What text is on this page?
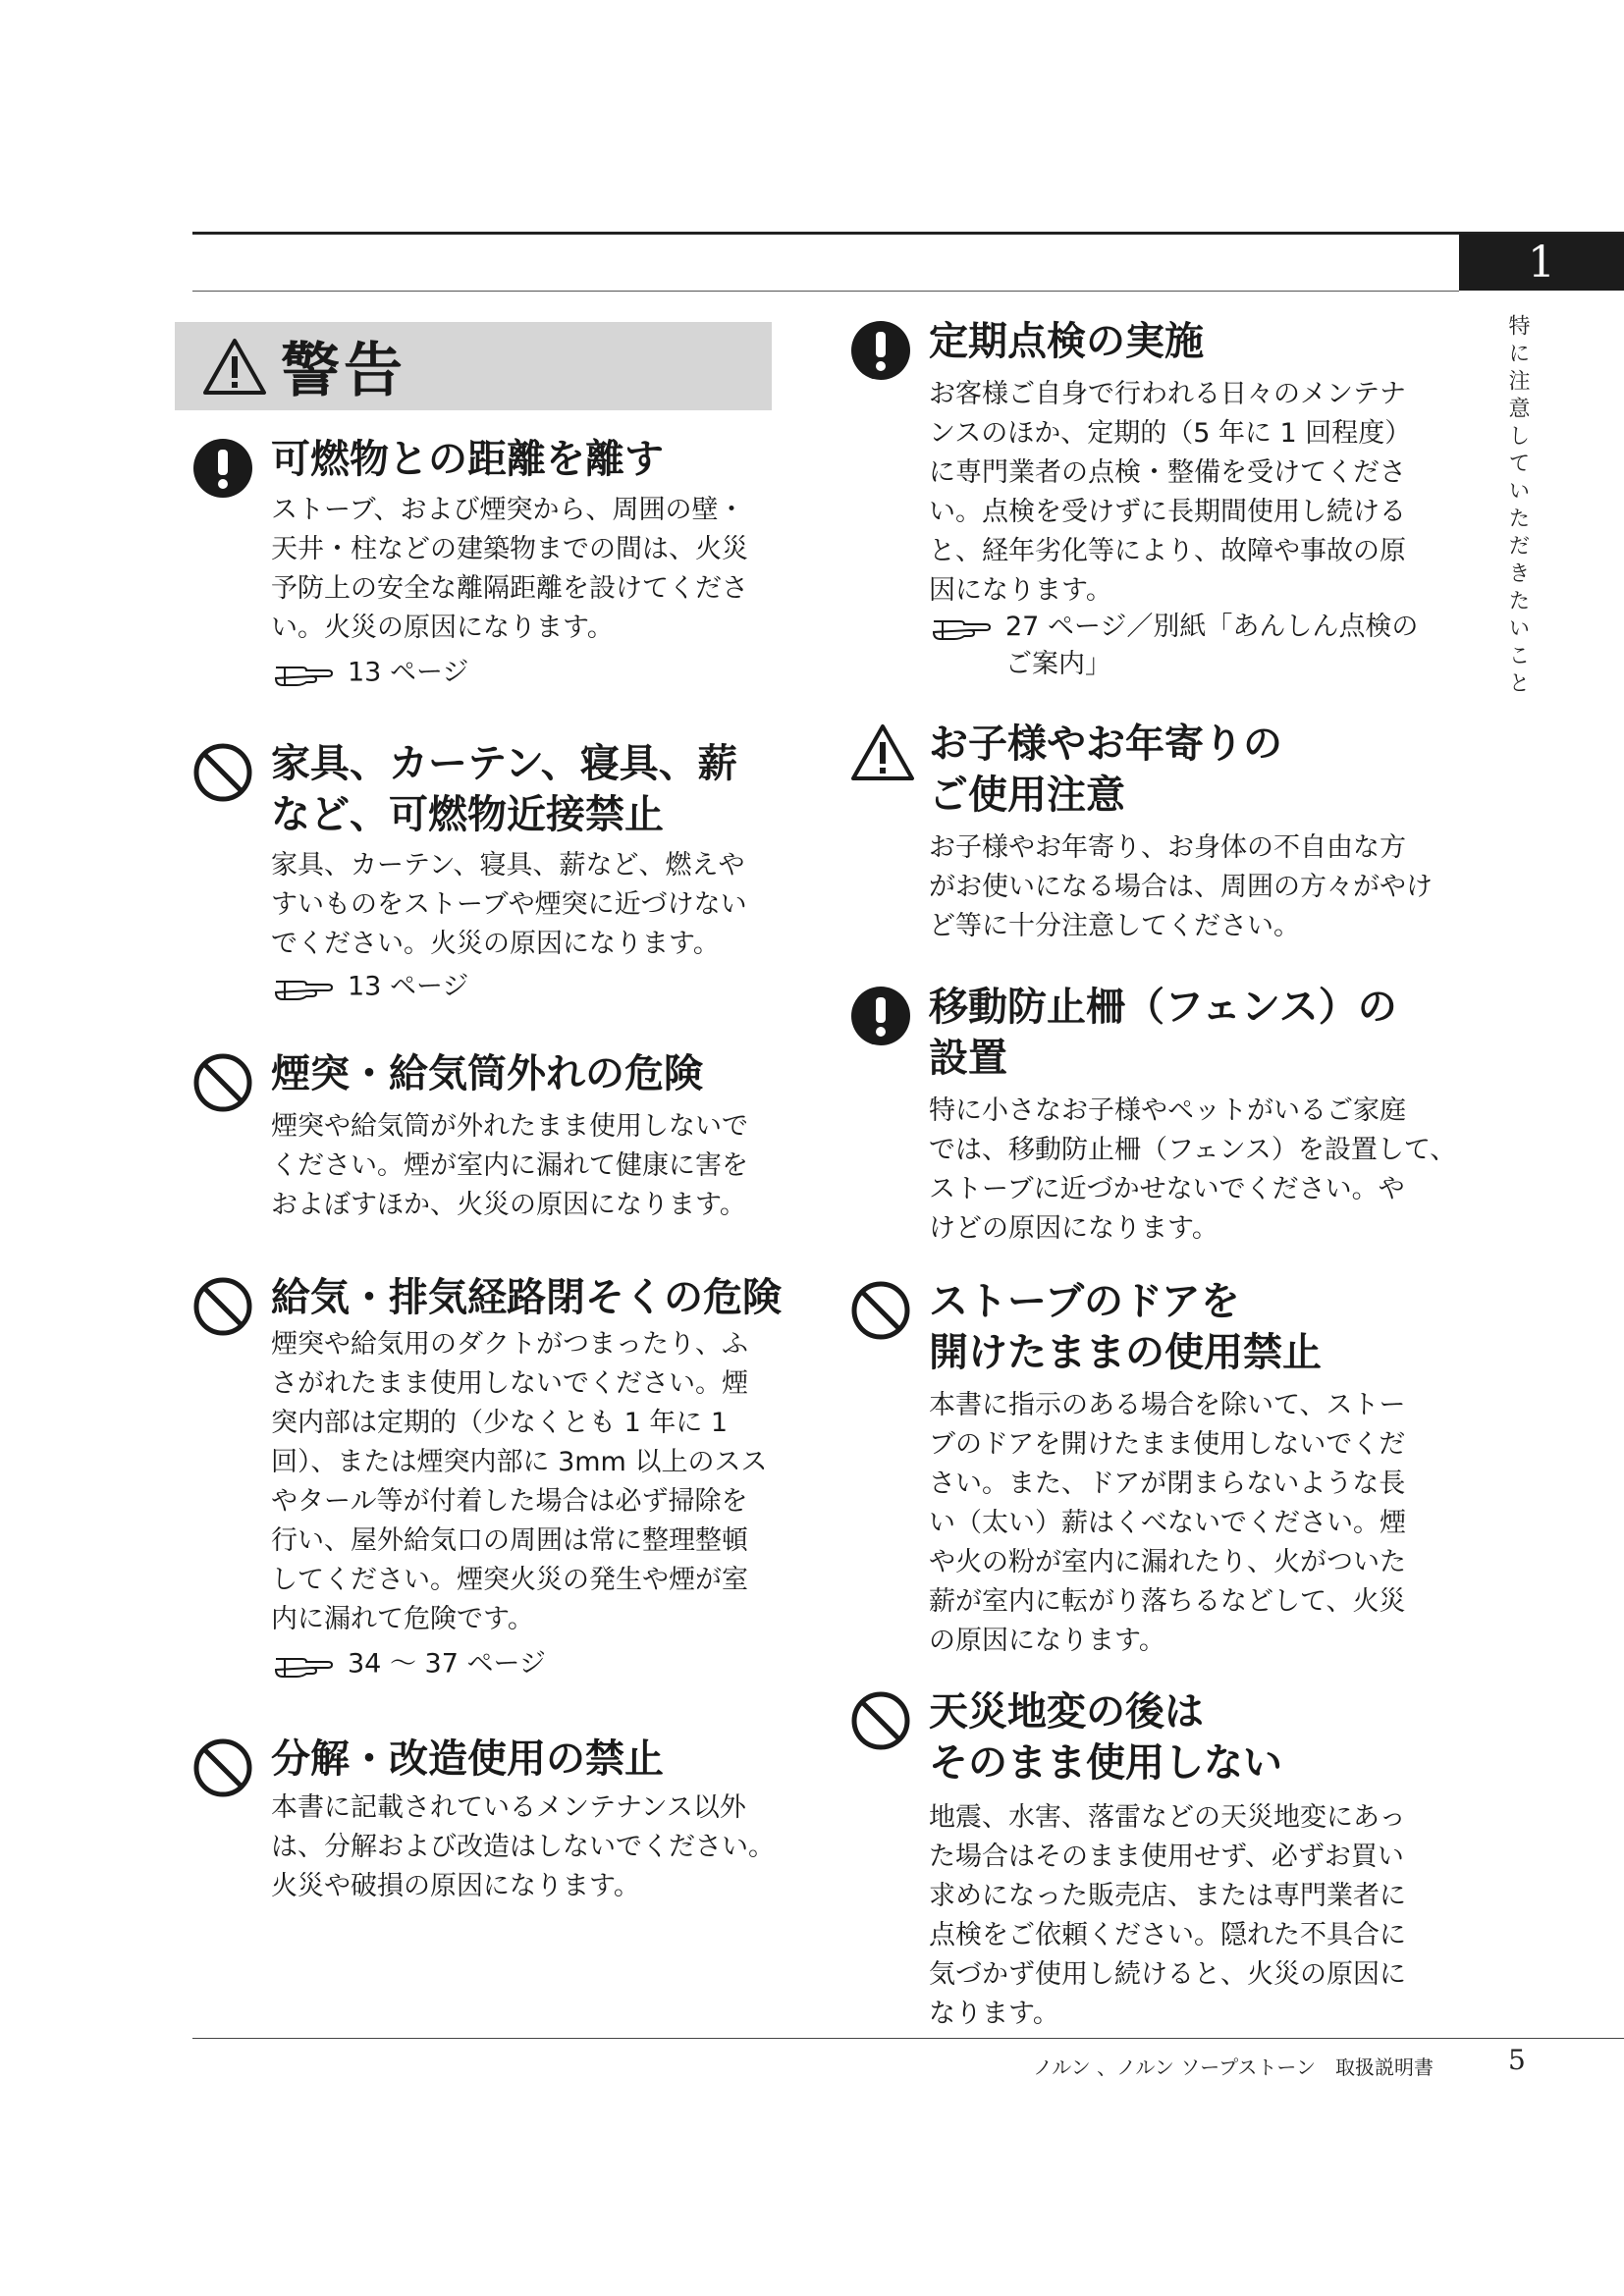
1
特に注意していただきたいこと
警告
可燃物との距離を離す
ストーブ、および煙突から、周囲の壁・
天井・柱などの建築物までの間は、火災
予防上の安全な離隔距離を設けてくださ
い。火災の原因になります。
13 ページ
家具、カーテン、寝具、薪
など、可燃物近接禁止
家具、カーテン、寝具、薪など、燃えや
すいものをストーブや煙突に近づけない
でください。火災の原因になります。
13 ページ
煙突・給気筒外れの危険
煙突や給気筒が外れたまま使用しないで
ください。煙が室内に漏れて健康に害を
およぼすほか、火災の原因になります。
給気・排気経路閉そくの危険
煙突や給気用のダクトがつまったり、ふ
さがれたまま使用しないでください。煙
突内部は定期的（少なくとも 1 年に 1
回）、または煙突内部に 3mm 以上のスス
やタール等が付着した場合は必ず掃除を
行い、屋外給気口の周囲は常に整理整頓
してください。煙突火災の発生や煙が室
内に漏れて危険です。
34 ～ 37 ページ
分解・改造使用の禁止
本書に記載されているメンテナンス以外
は、分解および改造はしないでください。
火災や破損の原因になります。
定期点検の実施
お客様ご自身で行われる日々のメンテナ
ンスのほか、定期的（5 年に 1 回程度）
に専門業者の点検・整備を受けてくださ
い。点検を受けずに長期間使用し続ける
と、経年劣化等により、故障や事故の原
因になります。
27 ページ／別紙「あんしん点検の
ご案内」
お子様やお年寄りの
ご使用注意
お子様やお年寄り、お身体の不自由な方
がお使いになる場合は、周囲の方々がやけ
ど等に十分注意してください。
移動防止柵（フェンス）の
設置
特に小さなお子様やペットがいるご家庭
では、移動防止柵（フェンス）を設置して、
ストーブに近づかせないでください。や
けどの原因になります。
ストーブのドアを
開けたままの使用禁止
本書に指示のある場合を除いて、ストー
ブのドアを開けたまま使用しないでくだ
さい。また、ドアが閉まらないような長
い（太い）薪はくべないでください。煙
や火の粉が室内に漏れたり、火がついた
薪が室内に転がり落ちるなどして、火災
の原因になります。
天災地変の後は
そのまま使用しない
地震、水害、落雷などの天災地変にあっ
た場合はそのまま使用せず、必ずお買い
求めになった販売店、または専門業者に
点検をご依頼ください。隠れた不具合に
気づかず使用し続けると、火災の原因に
なります。
ノルン 、ノルン ソープストーン　取扱説明書	5
